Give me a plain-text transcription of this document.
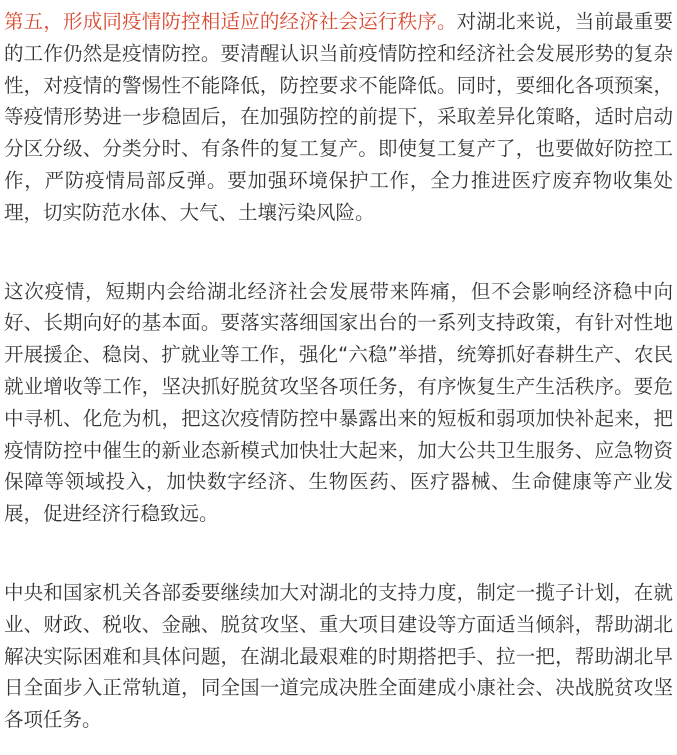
第五，形成同疫情防控相适应的经济社会运行秩序。对湖北来说，当前最重要的工作仍然是疫情防控。要清醒认识当前疫情防控和经济社会发展形势的复杂性，对疫情的警惕性不能降低，防控要求不能降低。同时，要细化各项预案，等疫情形势进一步稳固后，在加强防控的前提下，采取差异化策略，适时启动分区分级、分类分时、有条件的复工复产。即使复工复产了，也要做好防控工作，严防疫情局部反弹。要加强环境保护工作，全力推进医疗废弃物收集处理，切实防范水体、大气、土壤污染风险。

这次疫情，短期内会给湖北经济社会发展带来阵痛，但不会影响经济稳中向好、长期向好的基本面。要落实落细国家出台的一系列支持政策，有针对性地开展援企、稳岗、扩就业等工作，强化“六稳”举措，统筹抓好春耕生产、农民就业增收等工作，坚决抓好脱贫攻坚各项任务，有序恢复生产生活秩序。要危中寻机、化危为机，把这次疫情防控中暴露出来的短板和弱项加快补起来，把疫情防控中催生的新业态新模式加快壮大起来，加大公共卫生服务、应急物资保障等领域投入，加快数字经济、生物医药、医疗器械、生命健康等产业发展，促进经济行稳致远。

中央和国家机关各部委要继续加大对湖北的支持力度，制定一揽子计划，在就业、财政、税收、金融、脱贫攻坚、重大项目建设等方面适当倾斜，帮助湖北解决实际困难和具体问题，在湖北最艰难的时期搭把手、拉一把，帮助湖北早日全面步入正常轨道，同全国一道完成决胜全面建成小康社会、决战脱贫攻坚各项任务。
